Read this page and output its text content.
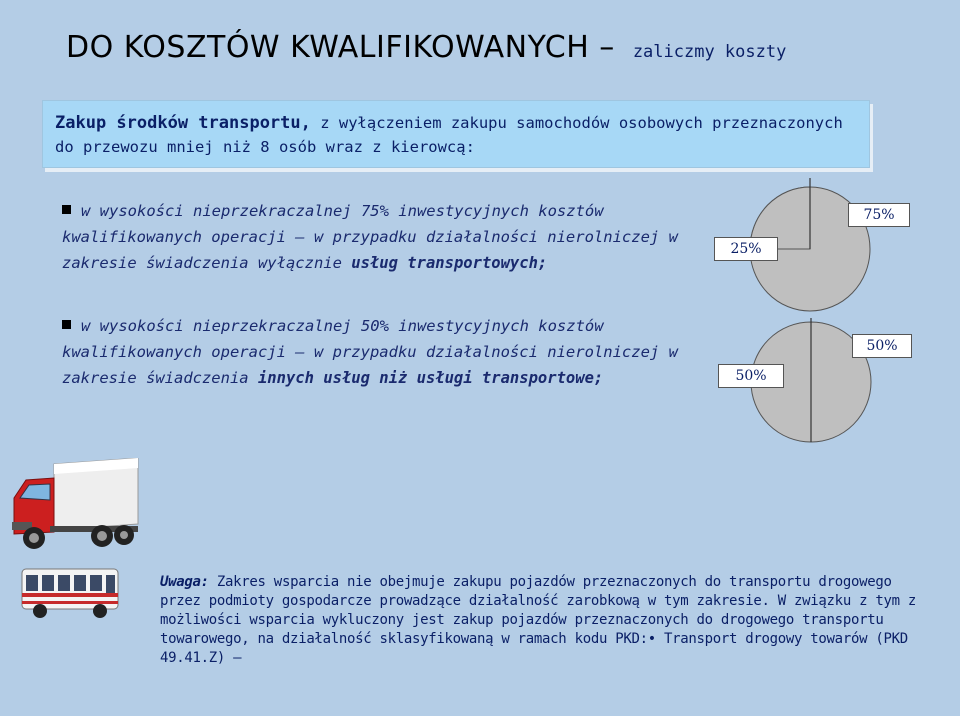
DO KOSZTÓW KWALIFIKOWANYCH – zaliczmy koszty

Zakup środków transportu, z wyłączeniem zakupu samochodów osobowych przeznaczonych do przewozu mniej niż 8 osób wraz z kierowcą:

w wysokości nieprzekraczalnej 75% inwestycyjnych kosztów kwalifikowanych operacji – w przypadku działalności nierolniczej w zakresie świadczenia wyłącznie usług transportowych;
w wysokości nieprzekraczalnej 50% inwestycyjnych kosztów kwalifikowanych operacji – w przypadku działalności nierolniczej w zakresie świadczenia innych usług niż usługi transportowe;
25%
75%
50%
50%
Uwaga: Zakres wsparcia nie obejmuje zakupu pojazdów przeznaczonych do transportu drogowego przez podmioty gospodarcze prowadzące działalność zarobkową w tym zakresie. W związku z tym z możliwości wsparcia wykluczony jest zakup pojazdów przeznaczonych do drogowego transportu towarowego, na działalność sklasyfikowaną w ramach kodu PKD:• Transport drogowy towarów (PKD 49.41.Z) –
